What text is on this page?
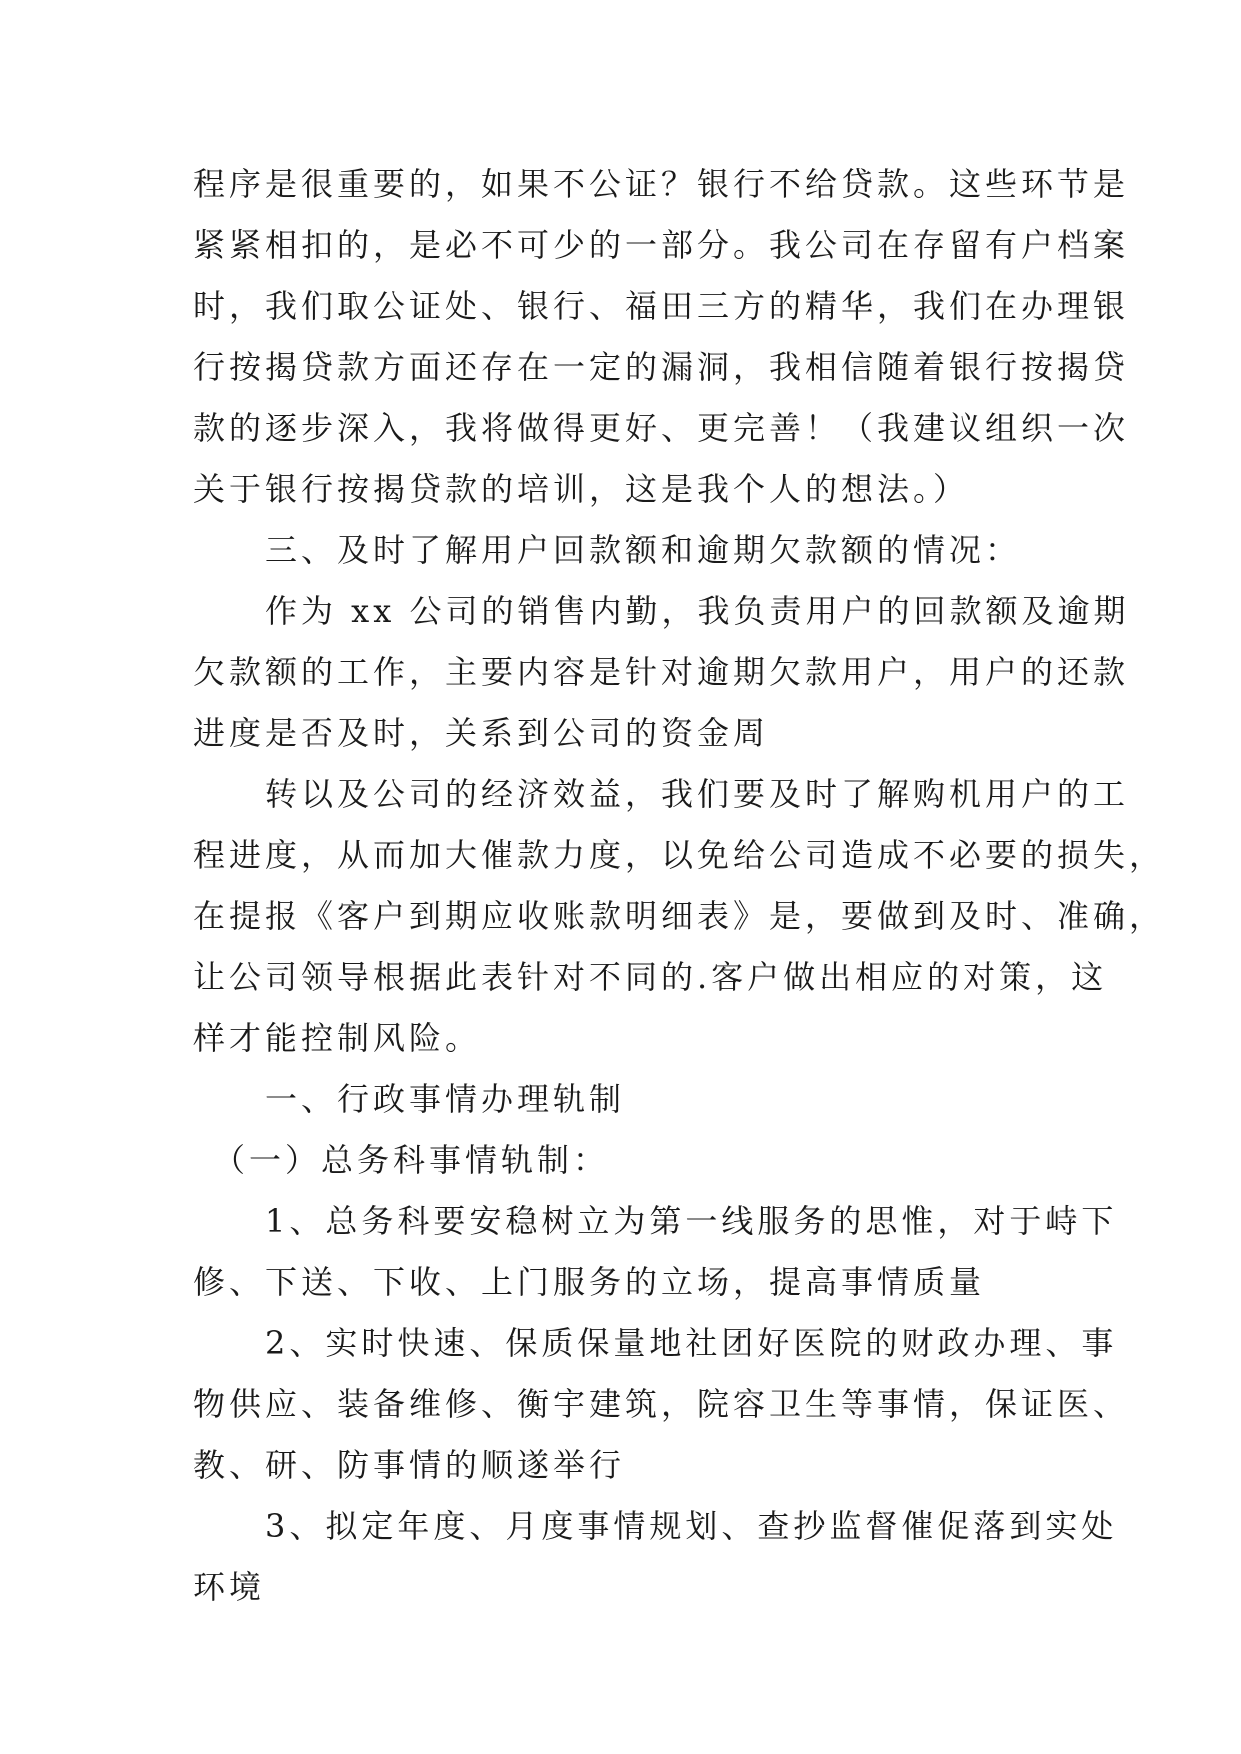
程序是很重要的，如果不公证？银行不给贷款。这些环节是
紧紧相扣的，是必不可少的一部分。我公司在存留有户档案
时，我们取公证处、银行、福田三方的精华，我们在办理银
行按揭贷款方面还存在一定的漏洞，我相信随着银行按揭贷
款的逐步深入，我将做得更好、更完善！（我建议组织一次
关于银行按揭贷款的培训，这是我个人的想法。）
　　三、及时了解用户回款额和逾期欠款额的情况：
　　作为 xx 公司的销售内勤，我负责用户的回款额及逾期
欠款额的工作，主要内容是针对逾期欠款用户，用户的还款
进度是否及时，关系到公司的资金周
　　转以及公司的经济效益，我们要及时了解购机用户的工
程进度，从而加大催款力度，以免给公司造成不必要的损失，
在提报《客户到期应收账款明细表》是，要做到及时、准确，
让公司领导根据此表针对不同的.客户做出相应的对策，这
样才能控制风险。
　　一、行政事情办理轨制
　（一）总务科事情轨制：
　　1、总务科要安稳树立为第一线服务的思惟，对于峙下
修、下送、下收、上门服务的立场，提高事情质量
　　2、实时快速、保质保量地社团好医院的财政办理、事
物供应、装备维修、衡宇建筑，院容卫生等事情，保证医、
教、研、防事情的顺遂举行
　　3、拟定年度、月度事情规划、查抄监督催促落到实处
环境
